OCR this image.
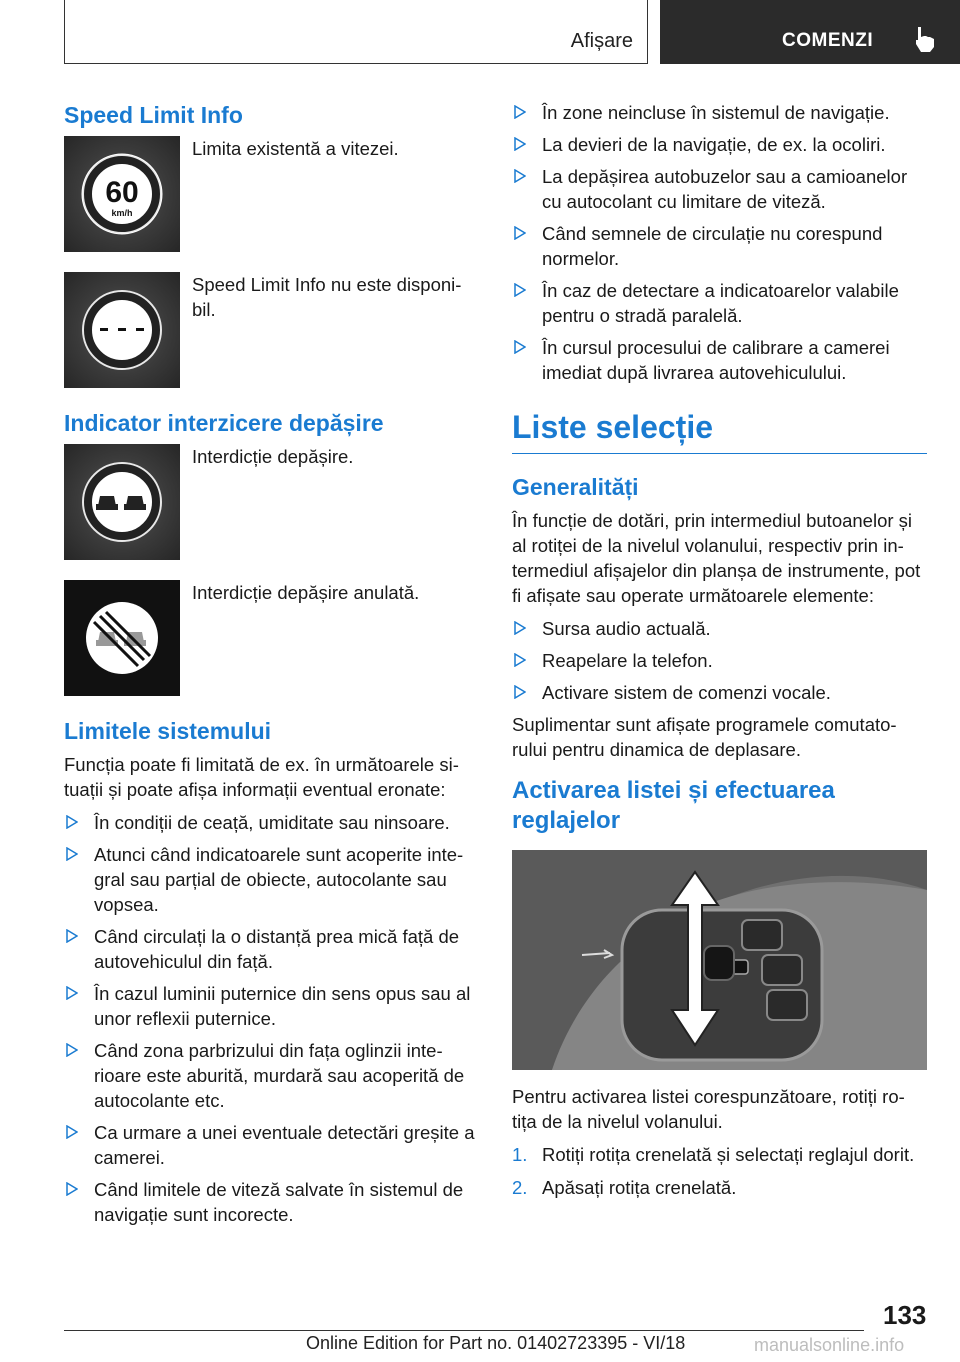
Afișare	COMENZI
Speed Limit Info
60
km/h
Limita existentă a vitezei.
Speed Limit Info nu este disponi-bil.
Indicator interzicere depășire
Interdicție depășire.
Interdicție depășire anulată.
Limitele sistemului

Funcția poate fi limitată de ex. în următoarele si-tuații și poate afișa informații eventual eronate:

În condiții de ceață, umiditate sau ninsoare.
Atunci când indicatoarele sunt acoperite inte-gral sau parțial de obiecte, autocolante sau vopsea.
Când circulați la o distanță prea mică față de autovehiculul din față.
În cazul luminii puternice din sens opus sau al unor reflexii puternice.
Când zona parbrizului din fața oglinzii inte-rioare este aburită, murdară sau acoperită de autocolante etc.
Ca urmare a unei eventuale detectări greșite a camerei.
Când limitele de viteză salvate în sistemul de navigație sunt incorecte.
În zone neincluse în sistemul de navigație.
La devieri de la navigație, de ex. la ocoliri.
La depășirea autobuzelor sau a camioanelor cu autocolant cu limitare de viteză.
Când semnele de circulație nu corespund normelor.
În caz de detectare a indicatoarelor valabile pentru o stradă paralelă.
În cursul procesului de calibrare a camerei imediat după livrarea autovehiculului.
Liste selecție
Generalități

În funcție de dotări, prin intermediul butoanelor și al rotiței de la nivelul volanului, respectiv prin in-termediul afișajelor din planșa de instrumente, pot fi afișate sau operate următoarele elemente:

Sursa audio actuală.
Reapelare la telefon.
Activare sistem de comenzi vocale.

Suplimentar sunt afișate programele comutato-rului pentru dinamica de deplasare.

Activarea listei și efectuarea reglajelor

Pentru activarea listei corespunzătoare, rotiți ro-tița de la nivelul volanului.

1. Rotiți rotița crenelată și selectați reglajul dorit.
2. Apăsați rotița crenelată.
133
Online Edition for Part no. 01402723395 - VI/18	manualsonline.info
